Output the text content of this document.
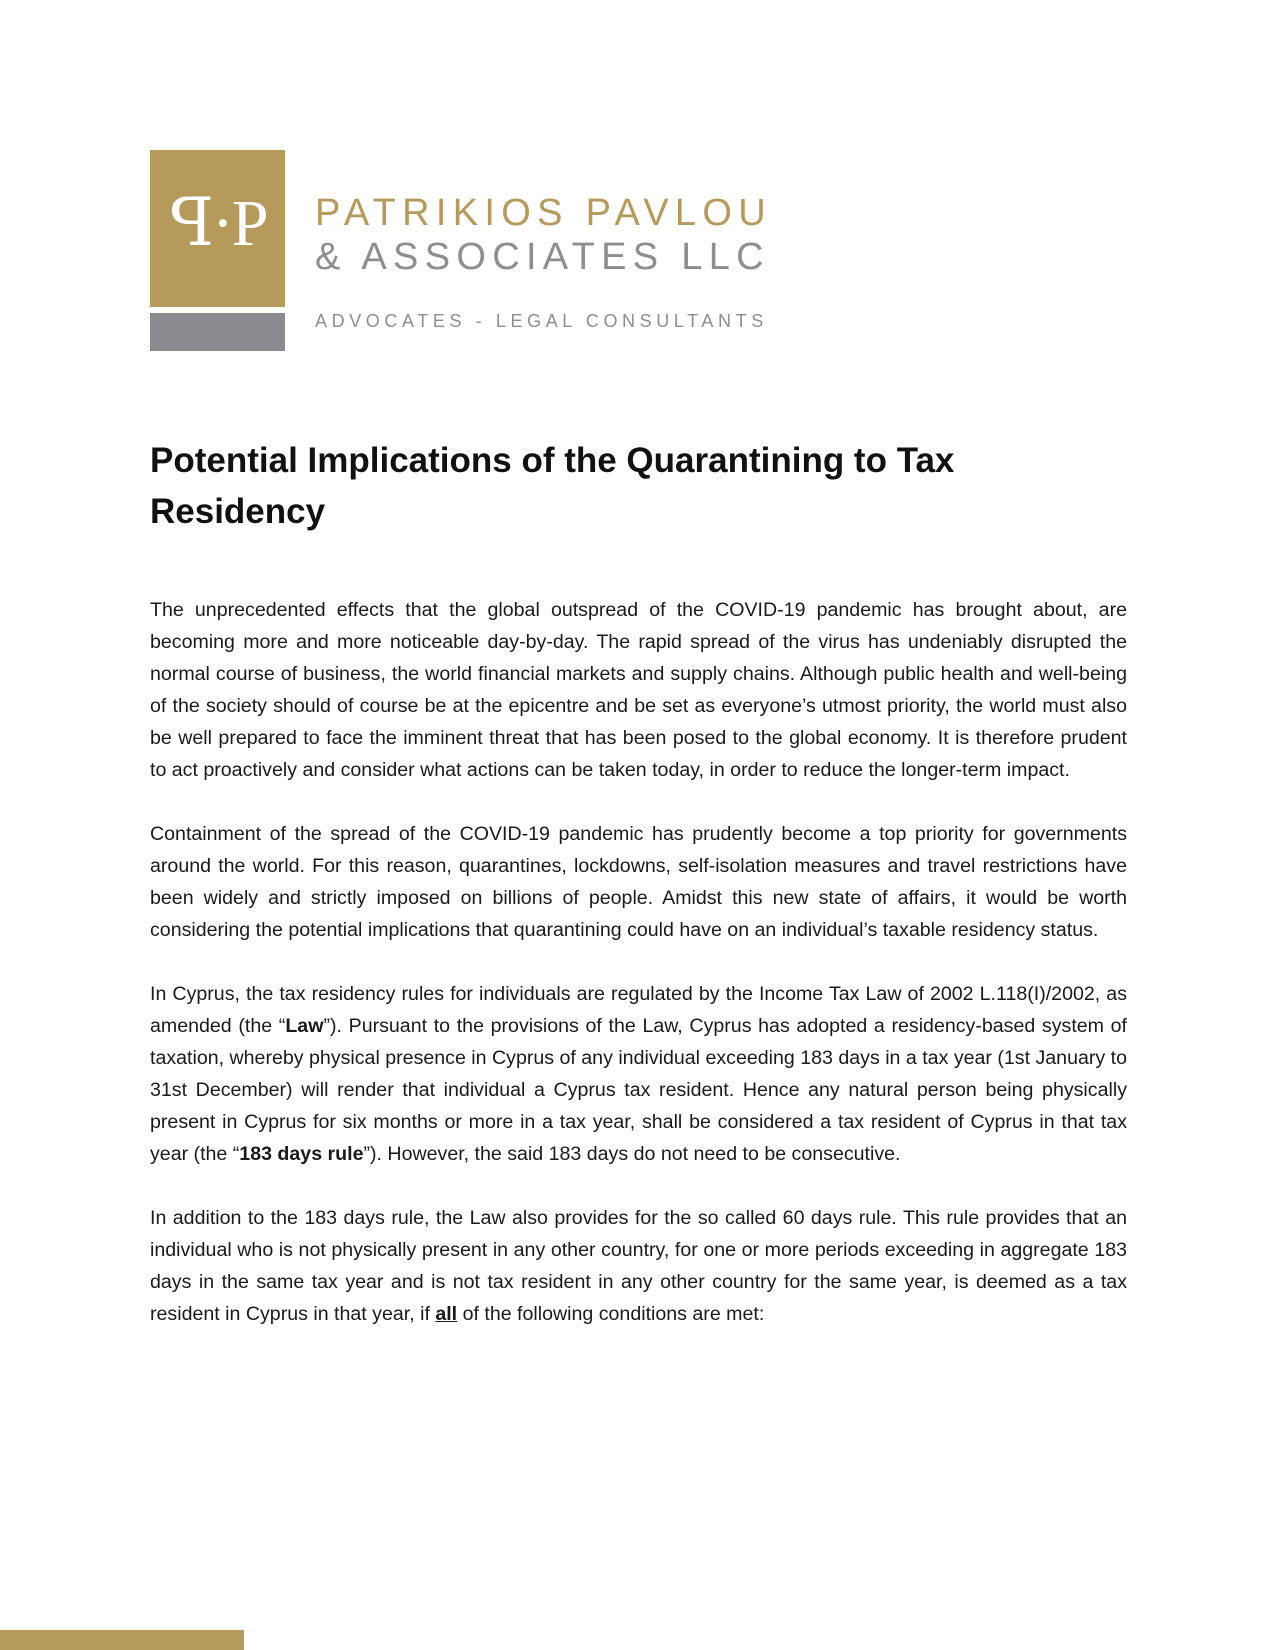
ꟼ·P	PATRIKIOS PAVLOU
& ASSOCIATES LLC
ADVOCATES - LEGAL CONSULTANTS
Potential Implications of the Quarantining to Tax Residency

The unprecedented effects that the global outspread of the COVID-19 pandemic has brought about, are becoming more and more noticeable day-by-day. The rapid spread of the virus has undeniably disrupted the normal course of business, the world financial markets and supply chains. Although public health and well-being of the society should of course be at the epicentre and be set as everyone’s utmost priority, the world must also be well prepared to face the imminent threat that has been posed to the global economy. It is therefore prudent to act proactively and consider what actions can be taken today, in order to reduce the longer-term impact.

Containment of the spread of the COVID-19 pandemic has prudently become a top priority for governments around the world. For this reason, quarantines, lockdowns, self-isolation measures and travel restrictions have been widely and strictly imposed on billions of people. Amidst this new state of affairs, it would be worth considering the potential implications that quarantining could have on an individual’s taxable residency status.

In Cyprus, the tax residency rules for individuals are regulated by the Income Tax Law of 2002 L.118(I)/2002, as amended (the “Law”). Pursuant to the provisions of the Law, Cyprus has adopted a residency-based system of taxation, whereby physical presence in Cyprus of any individual exceeding 183 days in a tax year (1st January to 31st December) will render that individual a Cyprus tax resident. Hence any natural person being physically present in Cyprus for six months or more in a tax year, shall be considered a tax resident of Cyprus in that tax year (the “183 days rule”). However, the said 183 days do not need to be consecutive.

In addition to the 183 days rule, the Law also provides for the so called 60 days rule. This rule provides that an individual who is not physically present in any other country, for one or more periods exceeding in aggregate 183 days in the same tax year and is not tax resident in any other country for the same year, is deemed as a tax resident in Cyprus in that year, if all of the following conditions are met:
